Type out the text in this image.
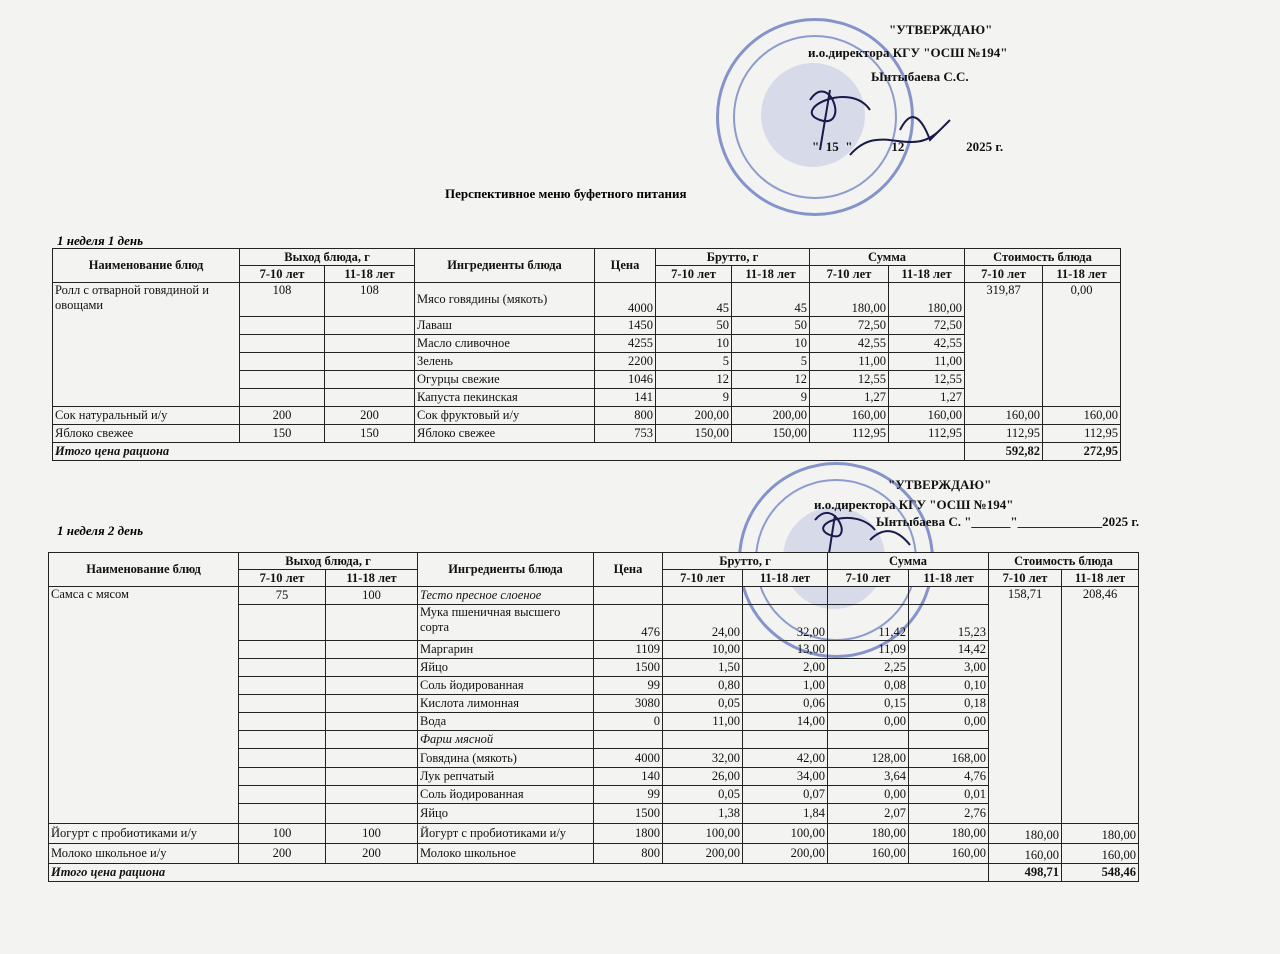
"УТВЕРЖДАЮ"
и.о.директора КГУ "ОСШ №194"
Ынтыбаева С.С.
"  15  "            12                   2025 г.
Перспективное меню буфетного питания
1 неделя 1 день
Наименование блюд	Выход блюда, г		Ингредиенты блюда	Цена	Брутто, г		Сумма		Стоимость блюда	
	7-10 лет	11-18 лет			7-10 лет	11-18 лет	7-10 лет	11-18 лет	7-10 лет	11-18 лет
Ролл с отварной говядиной и овощами	108	108	Мясо говядины (мякоть)	4000	45	45	180,00	180,00	319,87	0,00
			Лаваш	1450	50	50	72,50	72,50		
			Масло сливочное	4255	10	10	42,55	42,55		
			Зелень	2200	5	5	11,00	11,00		
			Огурцы свежие	1046	12	12	12,55	12,55		
			Капуста пекинская	141	9	9	1,27	1,27		
Сок натуральный и/у	200	200	Сок фруктовый и/у	800	200,00	200,00	160,00	160,00	160,00	160,00
Яблоко свежее	150	150	Яблоко свежее	753	150,00	150,00	112,95	112,95	112,95	112,95
Итого цена рациона									592,82	272,95
"УТВЕРЖДАЮ"
и.о.директора КГУ "ОСШ №194"
Ынтыбаева С. "______"_____________2025 г.
1 неделя 2 день
Наименование блюд	Выход блюда, г		Ингредиенты блюда	Цена	Брутто, г		Сумма		Стоимость блюда	
	7-10 лет	11-18 лет			7-10 лет	11-18 лет	7-10 лет	11-18 лет	7-10 лет	11-18 лет
Самса с мясом	75	100	Тесто пресное слоеное						158,71	208,46
			Мука пшеничная высшего сорта	476	24,00	32,00	11,42	15,23		
			Маргарин	1109	10,00	13,00	11,09	14,42		
			Яйцо	1500	1,50	2,00	2,25	3,00		
			Соль йодированная	99	0,80	1,00	0,08	0,10		
			Кислота лимонная	3080	0,05	0,06	0,15	0,18		
			Вода	0	11,00	14,00	0,00	0,00		
			Фарш мясной							
			Говядина (мякоть)	4000	32,00	42,00	128,00	168,00		
			Лук репчатый	140	26,00	34,00	3,64	4,76		
			Соль йодированная	99	0,05	0,07	0,00	0,01		
			Яйцо	1500	1,38	1,84	2,07	2,76		
Йогурт с пробиотиками и/у	100	100	Йогурт с пробиотиками и/у	1800	100,00	100,00	180,00	180,00	180,00	180,00
Молоко школьное и/у	200	200	Молоко школьное	800	200,00	200,00	160,00	160,00	160,00	160,00
Итого цена рациона									498,71	548,46
